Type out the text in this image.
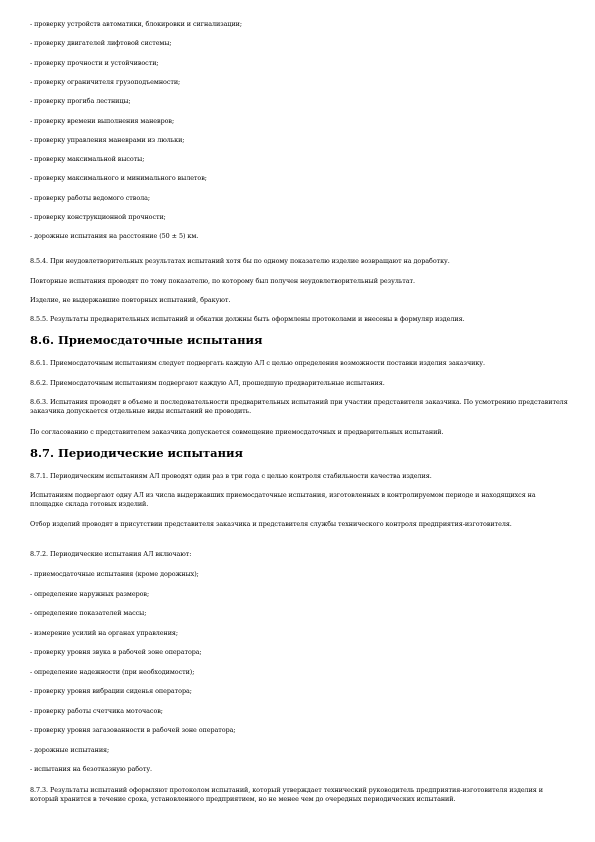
- проверку устройств автоматики, блокировки и сигнализации;
- проверку двигателей лифтовой системы;
- проверку прочности и устойчивости;
- проверку ограничителя грузоподъемности;
- проверку прогиба лестницы;
- проверку времени выполнения маневров;
- проверку управления маневрами из люльки;
- проверку максимальной высоты;
- проверку максимального и минимального вылетов;
- проверку работы ведомого стволa;
- проверку конструкционной прочности;
- дорожные испытания на расстояние (50 ± 5) км.
8.5.4. При неудовлетворительных результатах испытаний хотя бы по одному показателю изделие возвращают на доработку.
Повторные испытания проводят по тому показателю, по которому был получен неудовлетворительный результат.
Изделие, не выдержавшие повторных испытаний, бракуют.
8.5.5. Результаты предварительных испытаний и обкатки должны быть оформлены протоколами и внесены в формуляр изделия.
8.6. Приемосдаточные испытания
8.6.1. Приемосдаточным испытаниям следует подвергать каждую АЛ с целью определения возможности поставки изделия заказчику.
8.6.2. Приемосдаточным испытаниям подвергают каждую АЛ, прошедшую предварительные испытания.
8.6.3. Испытания проводят в объеме и последовательности предварительных испытаний при участии представителя заказчика. По усмотрению представителя заказчика допускается отдельные виды испытаний не проводить.
По согласованию с представителем заказчика допускается совмещение приемосдаточных и предварительных испытаний.
8.7. Периодические испытания
8.7.1. Периодическим испытаниям АЛ проводят один раз в три года с целью контроля стабильности качества изделия.
Испытаниям подвергают одну АЛ из числа выдержавших приемосдаточные испытания, изготовленных в контролируемом периоде и находящихся на площадке склада готовых изделий.
Отбор изделий проводят в присутствии представителя заказчика и представителя службы технического контроля предприятия-изготовителя.
8.7.2. Периодические испытания АЛ включают:
- приемосдаточные испытания (кроме дорожных);
- определение наружных размеров;
- определение показателей массы;
- измерение усилий на органах управления;
- проверку уровня звука в рабочей зоне оператора;
- определение надежности (при необходимости);
- проверку уровня вибрации сиденья оператора;
- проверку работы счетчика моточасов;
- проверку уровня загазованности в рабочей зоне оператора;
- дорожные испытания;
- испытания на безотказную работу.
8.7.3. Результаты испытаний оформляют протоколом испытаний, который утверждает технический руководитель предприятия-изготовителя изделия и который хранится в течение срока, установленного предприятием, но не менее чем до очередных периодических испытаний.
